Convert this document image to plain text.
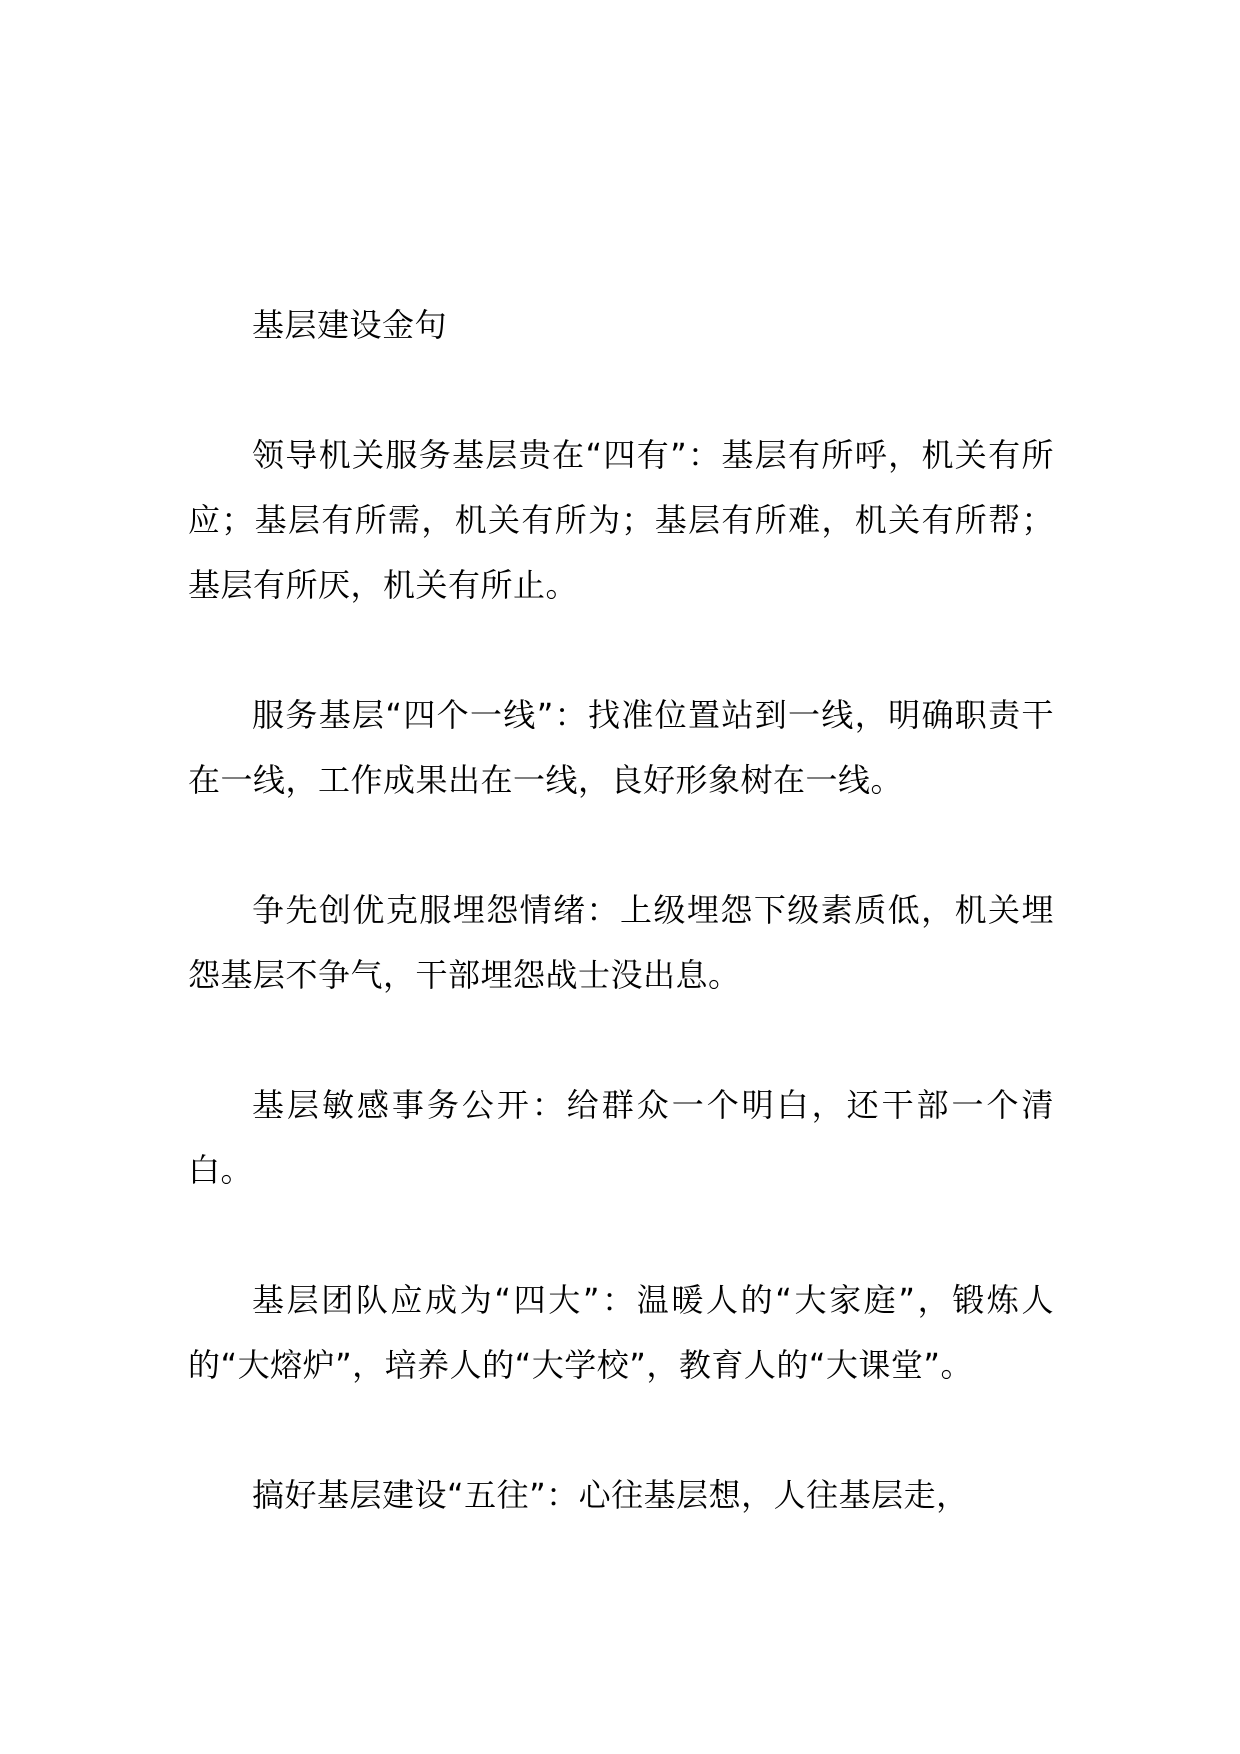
基层建设金句

领导机关服务基层贵在“四有”：基层有所呼，机关有所应；基层有所需，机关有所为；基层有所难，机关有所帮；基层有所厌，机关有所止。

服务基层“四个一线”：找准位置站到一线，明确职责干在一线，工作成果出在一线，良好形象树在一线。

争先创优克服埋怨情绪：上级埋怨下级素质低，机关埋怨基层不争气，干部埋怨战士没出息。

基层敏感事务公开：给群众一个明白，还干部一个清白。

基层团队应成为“四大”：温暖人的“大家庭”，锻炼人的“大熔炉”，培养人的“大学校”，教育人的“大课堂”。

搞好基层建设“五往”：心往基层想，人往基层走，
